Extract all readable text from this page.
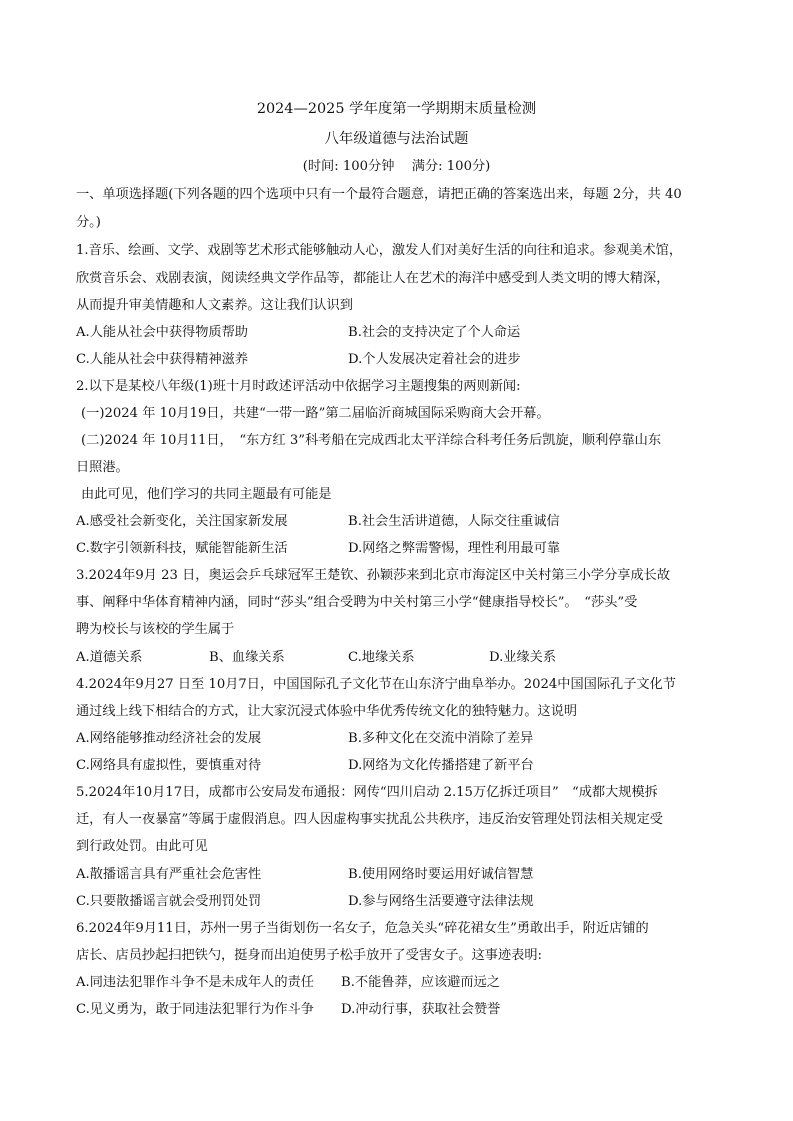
2024—2025 学年度第一学期期末质量检测
八年级道德与法治试题
(时间: 100分钟　 满分: 100分)
一、单项选择题(下列各题的四个选项中只有一个最符合题意，请把正确的答案选出来，每题 2分，共 40
分。)
1.音乐、绘画、文学、戏剧等艺术形式能够触动人心，激发人们对美好生活的向往和追求。参观美术馆，
欣赏音乐会、戏剧表演，阅读经典文学作品等，都能让人在艺术的海洋中感受到人类文明的博大精深，
从而提升审美情趣和人文素养。这让我们认识到
A.人能从社会中获得物质帮助	B.社会的支持决定了个人命运
C.人能从社会中获得精神滋养	D.个人发展决定着社会的进步
2.以下是某校八年级(1)班十月时政述评活动中依据学习主题搜集的两则新闻:
(一)2024 年 10月19日，共建“一带一路”第二届临沂商城国际采购商大会开幕。
(二)2024 年 10月11日，　“东方红 3”科考船在完成西北太平洋综合科考任务后凯旋，顺利停靠山东
日照港。
由此可见，他们学习的共同主题最有可能是
A.感受社会新变化，关注国家新发展	B.社会生活讲道德，人际交往重诚信
C.数字引领新科技，赋能智能新生活	D.网络之弊需警惕，理性利用最可靠
3.2024年9月 23 日，奥运会乒乓球冠军王楚钦、孙颖莎来到北京市海淀区中关村第三小学分享成长故
事、阐释中华体育精神内涵，同时“莎头”组合受聘为中关村第三小学“健康指导校长”。　“莎头”受
聘为校长与该校的学生属于
A.道德关系	B、血缘关系	C.地缘关系	D.业缘关系
4.2024年9月27 日至 10月7日，中国国际孔子文化节在山东济宁曲阜举办。2024中国国际孔子文化节
通过线上线下相结合的方式，让大家沉浸式体验中华优秀传统文化的独特魅力。这说明
A.网络能够推动经济社会的发展	B.多种文化在交流中消除了差异
C.网络具有虚拟性，要慎重对待	D.网络为文化传播搭建了新平台
5.2024年10月17日，成都市公安局发布通报：网传“四川启动 2.15万亿拆迁项目”　“成都大规模拆
迁，有人一夜暴富”等属于虚假消息。四人因虚构事实扰乱公共秩序，违反治安管理处罚法相关规定受
到行政处罚。由此可见
A.散播谣言具有严重社会危害性	B.使用网络时要运用好诚信智慧
C.只要散播谣言就会受刑罚处罚	D.参与网络生活要遵守法律法规
6.2024年9月11日，苏州一男子当街划伤一名女子，危急关头“碎花裙女生”勇敢出手，附近店铺的
店长、店员抄起扫把铁勺，挺身而出迫使男子松手放开了受害女子。这事迹表明:
A.同违法犯罪作斗争不是未成年人的责任 B.不能鲁莽，应该避而远之
C.见义勇为，敢于同违法犯罪行为作斗争 D.冲动行事，获取社会赞誉
